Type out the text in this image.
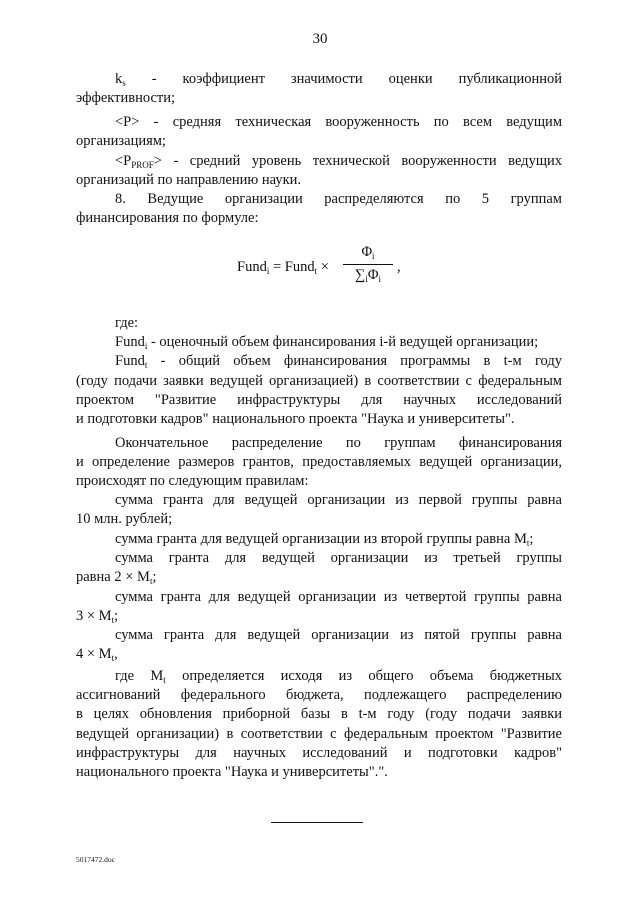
30
$k_s$ - коэффициент значимости оценки публикационной
эффективности;
<P> - средняя техническая вооруженность по всем ведущим
организациям;
$<P_{PROF}>$ - средний уровень технической вооруженности ведущих
организаций по направлению науки.
8. Ведущие организации распределяются по 5 группам
финансирования по формуле:
Fund$_i$ = Fund$_t$ ×
$\Phi_i$
$\sum_i\Phi_i$
,
где:
Fund$_i$ - оценочный объем финансирования i-й ведущей организации;
Fund$_t$ - общий объем финансирования программы в t-м году
(году подачи заявки ведущей организацией) в соответствии с федеральным
проектом "Развитие инфраструктуры для научных исследований
и подготовки кадров" национального проекта "Наука и университеты".
Окончательное распределение по группам финансирования
и определение размеров грантов, предоставляемых ведущей организации,
происходят по следующим правилам:
сумма гранта для ведущей организации из первой группы равна
10 млн. рублей;
сумма гранта для ведущей организации из второй группы равна $M_t$;
сумма гранта для ведущей организации из третьей группы
равна $2 \times M_t$;
сумма гранта для ведущей организации из четвертой группы равна
$3 \times M_t$;
сумма гранта для ведущей организации из пятой группы равна
$4 \times M_t$,
где $M_t$ определяется исходя из общего объема бюджетных
ассигнований федерального бюджета, подлежащего распределению
в целях обновления приборной базы в t-м году (году подачи заявки
ведущей организации) в соответствии с федеральным проектом "Развитие
инфраструктуры для научных исследований и подготовки кадров"
национального проекта "Наука и университеты".".
5017472.doc
